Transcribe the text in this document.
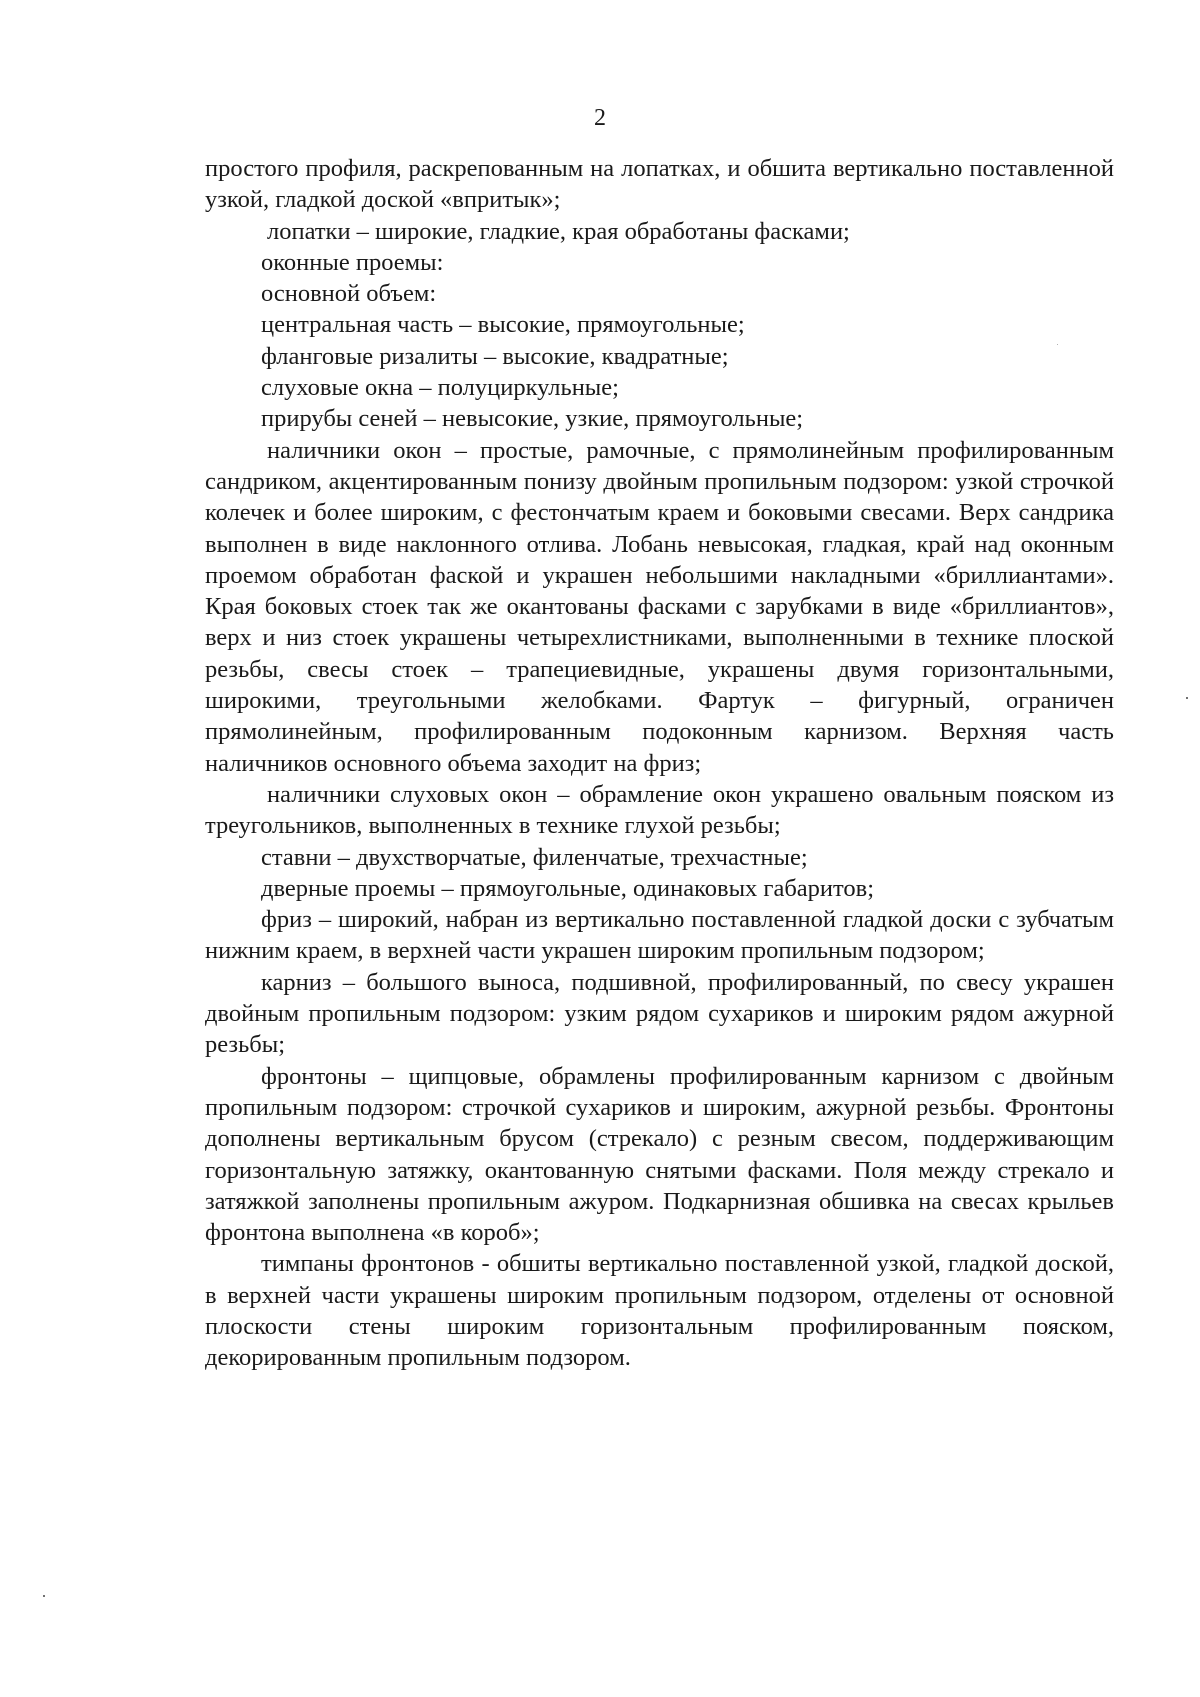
2

простого профиля, раскрепованным на лопатках, и обшита вертикально поставленной узкой, гладкой доской «впритык»;

лопатки – широкие, гладкие, края обработаны фасками;

оконные проемы:

основной объем:

центральная часть – высокие, прямоугольные;

фланговые ризалиты – высокие, квадратные;

слуховые окна – полуциркульные;

прирубы сеней – невысокие, узкие, прямоугольные;

наличники окон – простые, рамочные, с прямолинейным профилированным сандриком, акцентированным понизу двойным пропильным подзором: узкой строчкой колечек и более широким, с фестончатым краем и боковыми свесами. Верх сандрика выполнен в виде наклонного отлива. Лобань невысокая, гладкая, край над оконным проемом обработан фаской и украшен небольшими накладными «бриллиантами». Края боковых стоек так же окантованы фасками с зарубками в виде «бриллиантов», верх и низ стоек украшены четырехлистниками, выполненными в технике плоской резьбы, свесы стоек – трапециевидные, украшены двумя горизонтальными, широкими, треугольными желобками. Фартук – фигурный, ограничен прямолинейным, профилированным подоконным карнизом. Верхняя часть наличников основного объема заходит на фриз;

наличники слуховых окон – обрамление окон украшено овальным пояском из треугольников, выполненных в технике глухой резьбы;

ставни – двухстворчатые, филенчатые, трехчастные;

дверные проемы – прямоугольные, одинаковых габаритов;

фриз – широкий, набран из вертикально поставленной гладкой доски с зубчатым нижним краем, в верхней части украшен широким пропильным подзором;

карниз – большого выноса, подшивной, профилированный, по свесу украшен двойным пропильным подзором: узким рядом сухариков и широким рядом ажурной резьбы;

фронтоны – щипцовые, обрамлены профилированным карнизом с двойным пропильным подзором: строчкой сухариков и широким, ажурной резьбы. Фронтоны дополнены вертикальным брусом (стрекало) с резным свесом, поддерживающим горизонтальную затяжку, окантованную снятыми фасками. Поля между стрекало и затяжкой заполнены пропильным ажуром. Подкарнизная обшивка на свесах крыльев фронтона выполнена «в короб»;

тимпаны фронтонов - обшиты вертикально поставленной узкой, гладкой доской, в верхней части украшены широким пропильным подзором, отделены от основной плоскости стены широким горизонтальным профилированным пояском, декорированным пропильным подзором.
